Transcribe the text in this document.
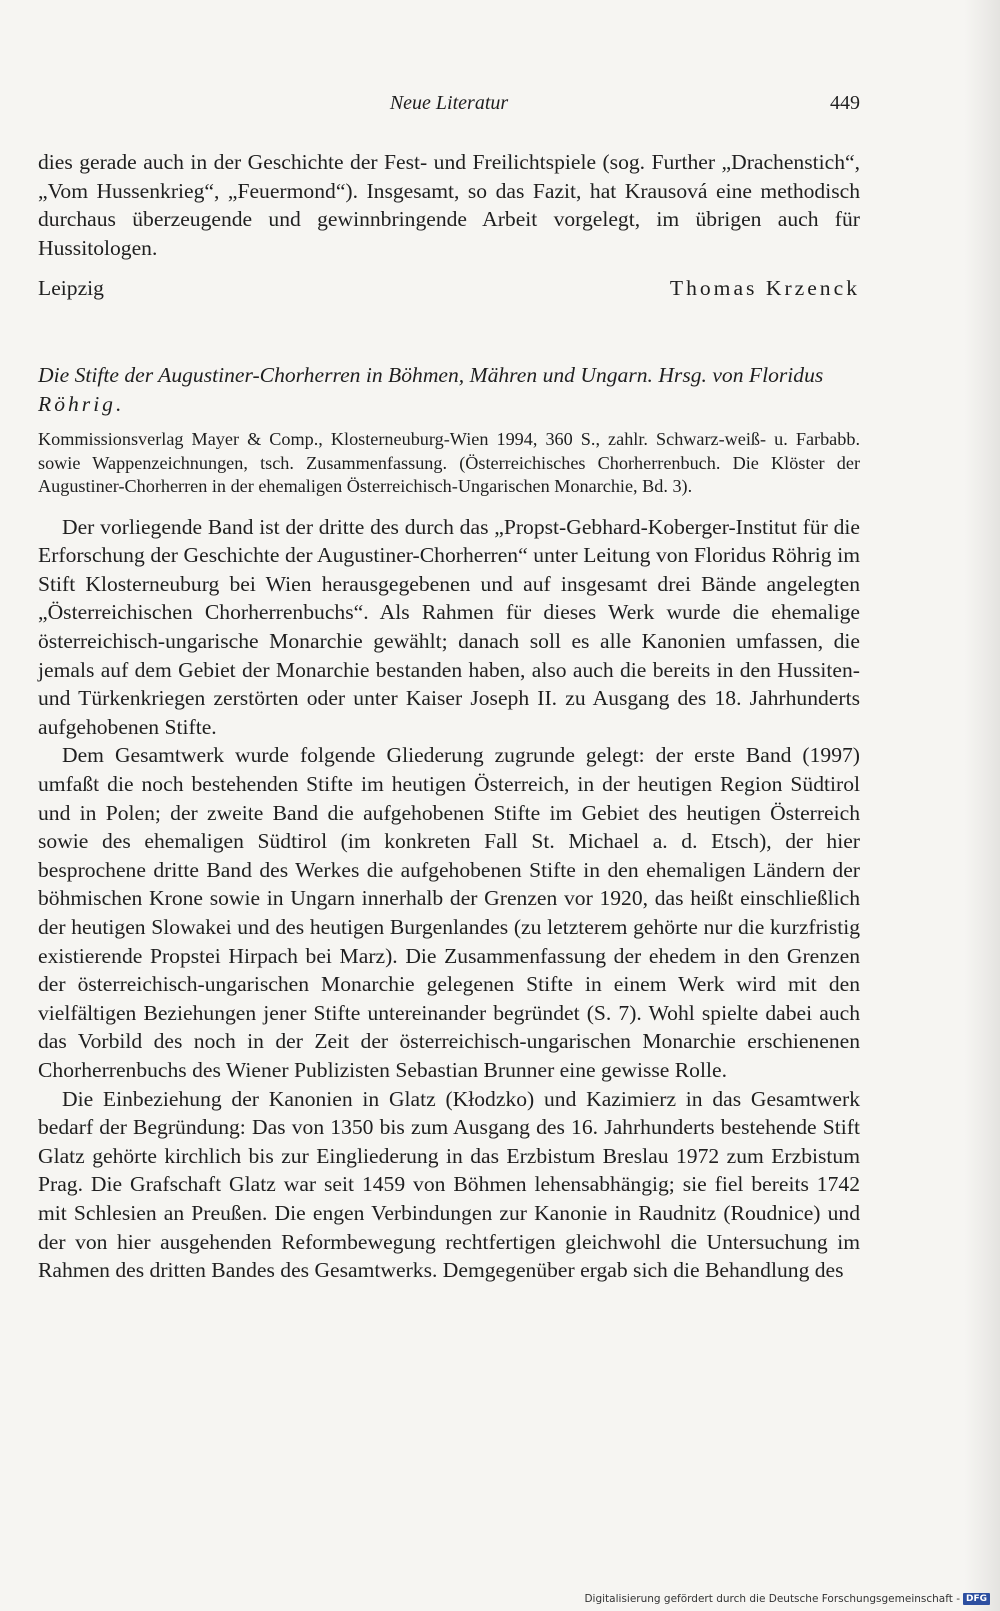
Neue Literatur	449

dies gerade auch in der Geschichte der Fest- und Freilichtspiele (sog. Further „Drachenstich“, „Vom Hussenkrieg“, „Feuermond“). Insgesamt, so das Fazit, hat Krausová eine methodisch durchaus überzeugende und gewinnbringende Arbeit vorgelegt, im übrigen auch für Hussitologen.

Leipzig	Thomas Krzenck
Die Stifte der Augustiner-Chorherren in Böhmen, Mähren und Ungarn. Hrsg. von Floridus Röhrig.

Kommissionsverlag Mayer & Comp., Klosterneuburg-Wien 1994, 360 S., zahlr. Schwarz-weiß- u. Farbabb. sowie Wappenzeichnungen, tsch. Zusammenfassung. (Österreichisches Chorherrenbuch. Die Klöster der Augustiner-Chorherren in der ehemaligen Österreichisch-Ungarischen Monarchie, Bd. 3).

Der vorliegende Band ist der dritte des durch das „Propst-Gebhard-Koberger-Institut für die Erforschung der Geschichte der Augustiner-Chorherren“ unter Leitung von Floridus Röhrig im Stift Klosterneuburg bei Wien herausgegebenen und auf insgesamt drei Bände angelegten „Österreichischen Chorherrenbuchs“. Als Rahmen für dieses Werk wurde die ehemalige österreichisch-ungarische Monarchie gewählt; danach soll es alle Kanonien umfassen, die jemals auf dem Gebiet der Monarchie bestanden haben, also auch die bereits in den Hussiten- und Türkenkriegen zerstörten oder unter Kaiser Joseph II. zu Ausgang des 18. Jahrhunderts aufgehobenen Stifte.

Dem Gesamtwerk wurde folgende Gliederung zugrunde gelegt: der erste Band (1997) umfaßt die noch bestehenden Stifte im heutigen Österreich, in der heutigen Region Südtirol und in Polen; der zweite Band die aufgehobenen Stifte im Gebiet des heutigen Österreich sowie des ehemaligen Südtirol (im konkreten Fall St. Michael a. d. Etsch), der hier besprochene dritte Band des Werkes die aufgehobenen Stifte in den ehemaligen Ländern der böhmischen Krone sowie in Ungarn innerhalb der Grenzen vor 1920, das heißt einschließlich der heutigen Slowakei und des heutigen Burgenlandes (zu letzterem gehörte nur die kurzfristig existierende Propstei Hirpach bei Marz). Die Zusammenfassung der ehedem in den Grenzen der österreichisch-ungarischen Monarchie gelegenen Stifte in einem Werk wird mit den vielfältigen Beziehungen jener Stifte untereinander begründet (S. 7). Wohl spielte dabei auch das Vorbild des noch in der Zeit der österreichisch-ungarischen Monarchie erschienenen Chorherrenbuchs des Wiener Publizisten Sebastian Brunner eine gewisse Rolle.

Die Einbeziehung der Kanonien in Glatz (Kłodzko) und Kazimierz in das Gesamtwerk bedarf der Begründung: Das von 1350 bis zum Ausgang des 16. Jahrhunderts bestehende Stift Glatz gehörte kirchlich bis zur Eingliederung in das Erzbistum Breslau 1972 zum Erzbistum Prag. Die Grafschaft Glatz war seit 1459 von Böhmen lehensabhängig; sie fiel bereits 1742 mit Schlesien an Preußen. Die engen Verbindungen zur Kanonie in Raudnitz (Roudnice) und der von hier ausgehenden Reformbewegung rechtfertigen gleichwohl die Untersuchung im Rahmen des dritten Bandes des Gesamtwerks. Demgegenüber ergab sich die Behandlung des

Digitalisierung gefördert durch die Deutsche Forschungsgemeinschaft - DFG
